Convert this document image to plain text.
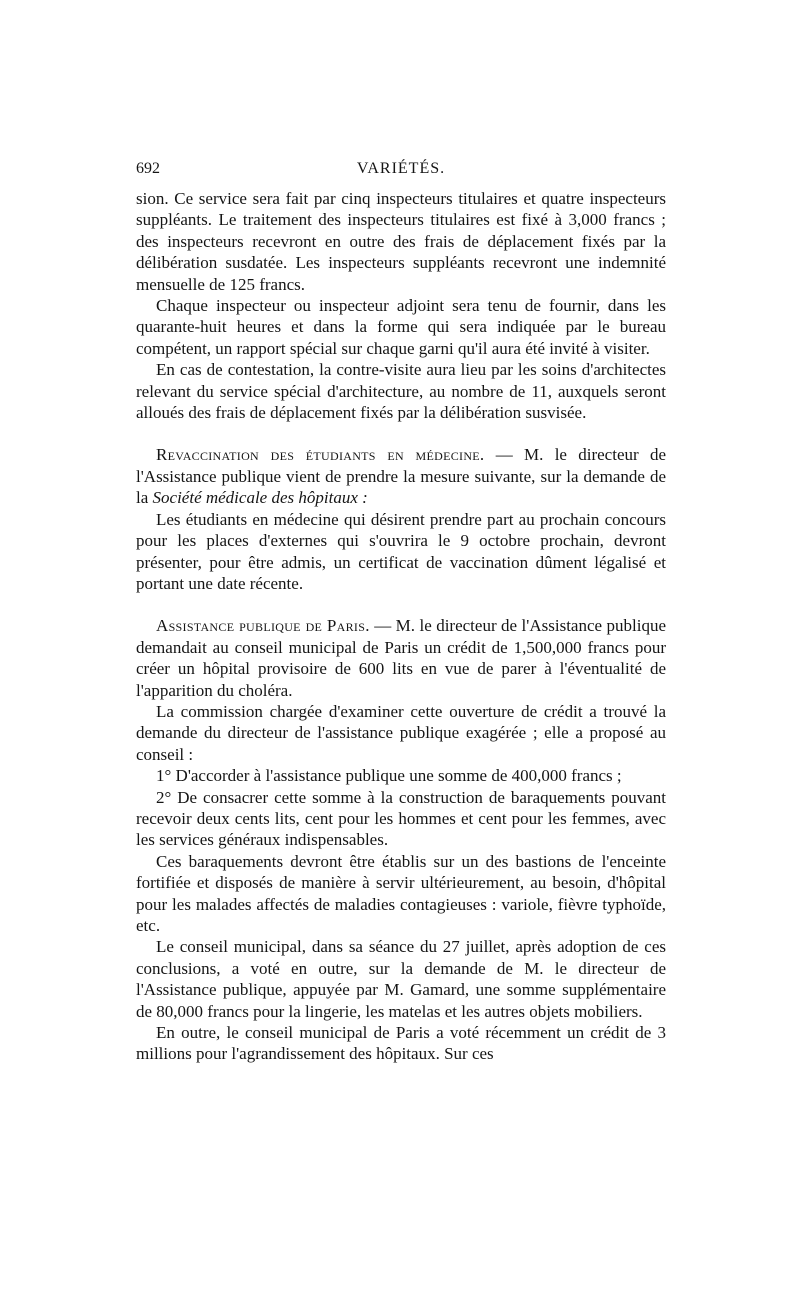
692	VARIÉTÉS.

sion. Ce service sera fait par cinq inspecteurs titulaires et quatre inspecteurs suppléants. Le traitement des inspecteurs titulaires est fixé à 3,000 francs ; des inspecteurs recevront en outre des frais de déplacement fixés par la délibération susdatée. Les inspecteurs suppléants recevront une indemnité mensuelle de 125 francs.

Chaque inspecteur ou inspecteur adjoint sera tenu de fournir, dans les quarante-huit heures et dans la forme qui sera indiquée par le bureau compétent, un rapport spécial sur chaque garni qu'il aura été invité à visiter.

En cas de contestation, la contre-visite aura lieu par les soins d'architectes relevant du service spécial d'architecture, au nombre de 11, auxquels seront alloués des frais de déplacement fixés par la délibération susvisée.

Revaccination des étudiants en médecine. — M. le directeur de l'Assistance publique vient de prendre la mesure suivante, sur la demande de la Société médicale des hôpitaux :

Les étudiants en médecine qui désirent prendre part au prochain concours pour les places d'externes qui s'ouvrira le 9 octobre prochain, devront présenter, pour être admis, un certificat de vaccination dûment légalisé et portant une date récente.

Assistance publique de Paris. — M. le directeur de l'Assistance publique demandait au conseil municipal de Paris un crédit de 1,500,000 francs pour créer un hôpital provisoire de 600 lits en vue de parer à l'éventualité de l'apparition du choléra.

La commission chargée d'examiner cette ouverture de crédit a trouvé la demande du directeur de l'assistance publique exagérée ; elle a proposé au conseil :

1° D'accorder à l'assistance publique une somme de 400,000 francs ;

2° De consacrer cette somme à la construction de baraquements pouvant recevoir deux cents lits, cent pour les hommes et cent pour les femmes, avec les services généraux indispensables.

Ces baraquements devront être établis sur un des bastions de l'enceinte fortifiée et disposés de manière à servir ultérieurement, au besoin, d'hôpital pour les malades affectés de maladies contagieuses : variole, fièvre typhoïde, etc.

Le conseil municipal, dans sa séance du 27 juillet, après adoption de ces conclusions, a voté en outre, sur la demande de M. le directeur de l'Assistance publique, appuyée par M. Gamard, une somme supplémentaire de 80,000 francs pour la lingerie, les matelas et les autres objets mobiliers.

En outre, le conseil municipal de Paris a voté récemment un crédit de 3 millions pour l'agrandissement des hôpitaux. Sur ces
